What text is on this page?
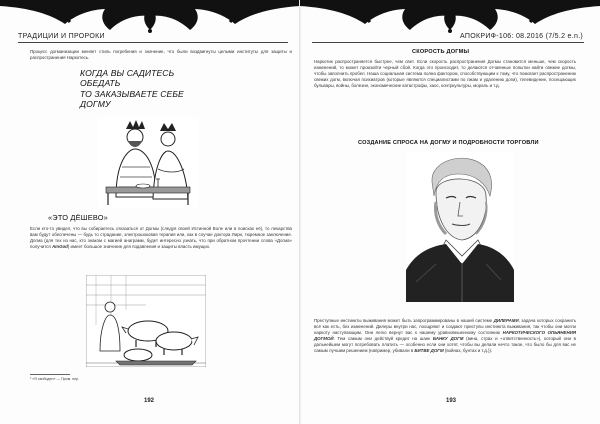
ТРАДИЦИИ И ПРОРОКИ
Процесс догманизации меняет стиль погребения и значение, что были воздвигнуты целыми институты для защиты и распространения Наркотесь.
КОГДА ВЫ САДИТЕСЬ
ОБЕДАТЬ
ТО ЗАКАЗЫВАЕТЕ СЕБЕ
ДОГМУ
«ЭТО ДЁШЕВО»
Если кто-то увидел, что вы собираетесь отказаться от Догмы (следуя своей Истинной Воле или в поисках её), то лекарства вам будут обеспечены — будь то страдание, электрошоковая терапия или, как в случае доктора Лири, тюремное заключение. Догма (для тех из нас, кто знаком с магией анаграмм, будет интересно узнать, что при обратном прочтении слова «Догма» получится AmGod) имеет большое значение для подавления и защиты власть имущих.
¹ «Я свободен» — Прим. пер.
192
АПОКРИФ-106: 08.2016 (7/5.2 e.n.)
СКОРОСТЬ ДОГМЫ
Наркотик распространяется быстрее, чем свет. Если скорость распространения Догмы становится меньше, чем скорость изменений, то может произойти черный сбой. Когда это происходит, то делаются отчаянные попытки найти свежие догмы, чтобы заполнить пробел. Наша социальная система полна фактором, способствующим к тому, что помогает распространению свежих догм, включая психиатров (которые являются специалистами по лжам и удалению догм), телевидение, посещающих бульвары, войны, болезни, экономические катастрофы, хаос, контркультуры, мораль и т.д.
СОЗДАНИЕ СПРОСА НА ДОГМУ И ПОДРОБНОСТИ ТОРГОВЛИ
Преступные инстинкты выживания может быть запрограммированы в нашей системе ДИЛЕРАМИ, задача которых сохранить всё как есть, без изменений. Дилеры внутри нас, поощряют и создают приступы инстинкта выживания, так чтобы они могли наркоту наступающим. Они легко вернут вас к нашему уравновешенному состоянию НАРКОТИЧЕСКОГО ОПЬЯНЕНИЯ ДОГМОЙ. Тем самым они действуй кредит на шанк БАНКУ ДОГМ (вина, страх и «ответственность»), который они в дальнейшем могут потребовать платить — особенно если они хотят, чтобы вы делали нечто такое, что было бы для вас не самым лучшим решением (например, убивали в БИТВЕ ДОГМ (войнах, бунтах и т.д.)).
193
